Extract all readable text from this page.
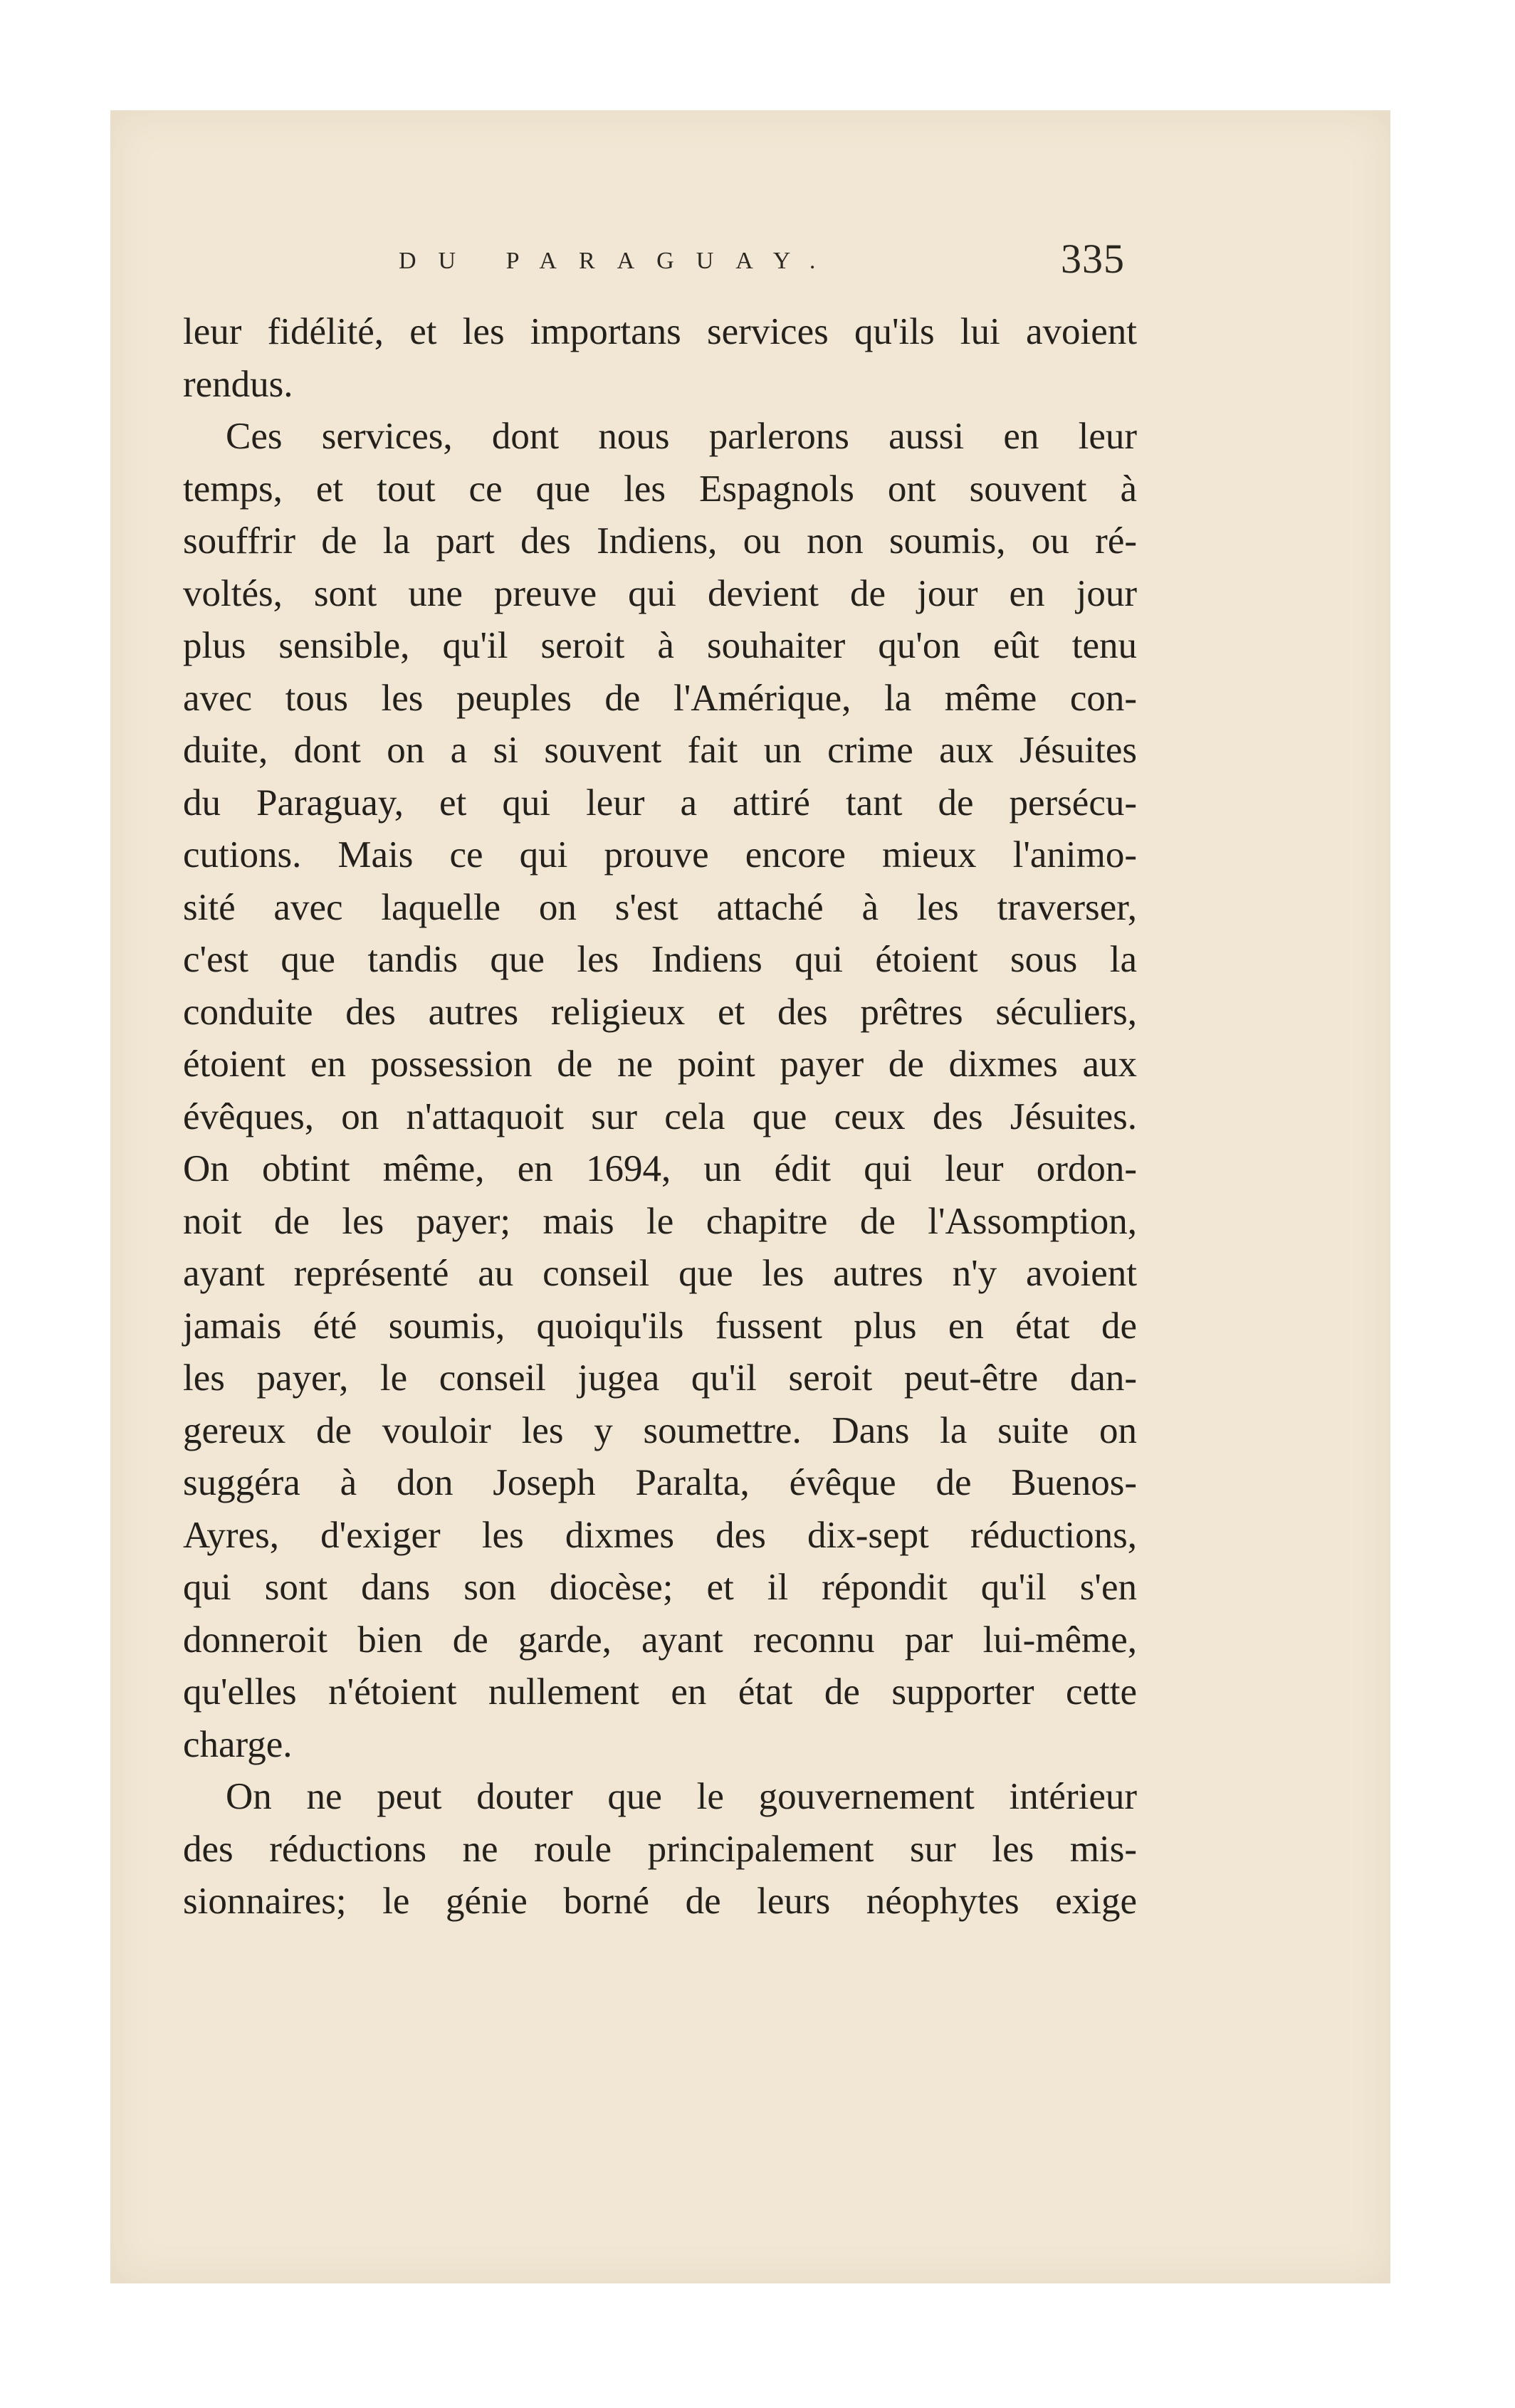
DU PARAGUAY.	335
leur fidélité, et les importans services qu'ils lui avoient
rendus.
Ces services, dont nous parlerons aussi en leur
temps, et tout ce que les Espagnols ont souvent à
souffrir de la part des Indiens, ou non soumis, ou ré-
voltés, sont une preuve qui devient de jour en jour
plus sensible, qu'il seroit à souhaiter qu'on eût tenu
avec tous les peuples de l'Amérique, la même con-
duite, dont on a si souvent fait un crime aux Jésuites
du Paraguay, et qui leur a attiré tant de persécu-
cutions. Mais ce qui prouve encore mieux l'animo-
sité avec laquelle on s'est attaché à les traverser,
c'est que tandis que les Indiens qui étoient sous la
conduite des autres religieux et des prêtres séculiers,
étoient en possession de ne point payer de dixmes aux
évêques, on n'attaquoit sur cela que ceux des Jésuites.
On obtint même, en 1694, un édit qui leur ordon-
noit de les payer; mais le chapitre de l'Assomption,
ayant représenté au conseil que les autres n'y avoient
jamais été soumis, quoiqu'ils fussent plus en état de
les payer, le conseil jugea qu'il seroit peut-être dan-
gereux de vouloir les y soumettre. Dans la suite on
suggéra à don Joseph Paralta, évêque de Buenos-
Ayres, d'exiger les dixmes des dix-sept réductions,
qui sont dans son diocèse; et il répondit qu'il s'en
donneroit bien de garde, ayant reconnu par lui-même,
qu'elles n'étoient nullement en état de supporter cette
charge.
On ne peut douter que le gouvernement intérieur
des réductions ne roule principalement sur les mis-
sionnaires; le génie borné de leurs néophytes exige
